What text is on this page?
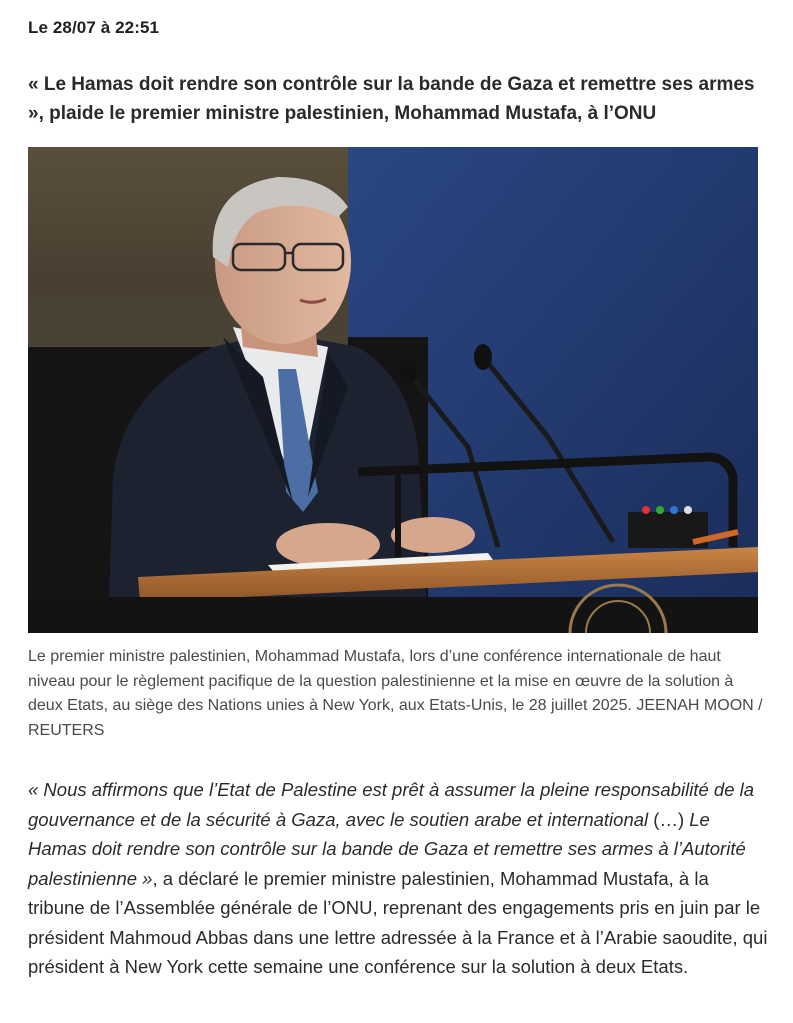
Le 28/07 à 22:51
« Le Hamas doit rendre son contrôle sur la bande de Gaza et remettre ses armes », plaide le premier ministre palestinien, Mohammad Mustafa, à l’ONU

Le premier ministre palestinien, Mohammad Mustafa, lors d’une conférence internationale de haut niveau pour le règlement pacifique de la question palestinienne et la mise en œuvre de la solution à deux Etats, au siège des Nations unies à New York, aux Etats-Unis, le 28 juillet 2025. JEENAH MOON / REUTERS

« Nous affirmons que l’Etat de Palestine est prêt à assumer la pleine responsabilité de la gouvernance et de la sécurité à Gaza, avec le soutien arabe et international (…) Le Hamas doit rendre son contrôle sur la bande de Gaza et remettre ses armes à l’Autorité palestinienne », a déclaré le premier ministre palestinien, Mohammad Mustafa, à la tribune de l’Assemblée générale de l’ONU, reprenant des engagements pris en juin par le président Mahmoud Abbas dans une lettre adressée à la France et à l’Arabie saoudite, qui président à New York cette semaine une conférence sur la solution à deux Etats.
